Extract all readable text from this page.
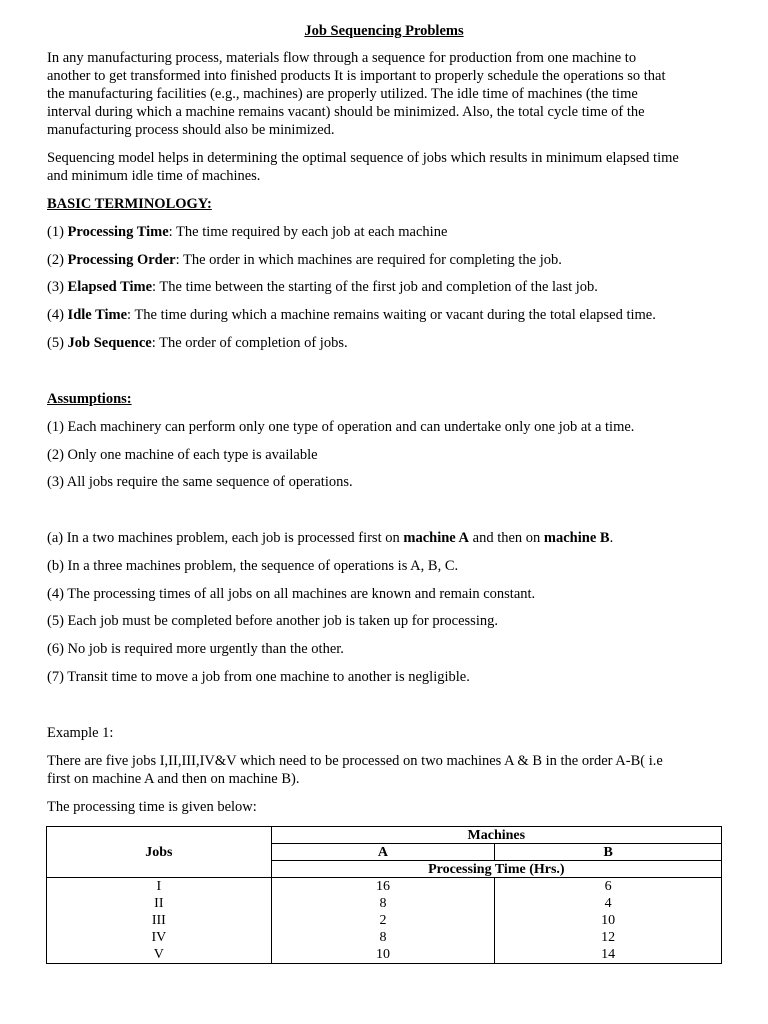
Job Sequencing Problems
In any manufacturing process, materials flow through a sequence for production from one machine to
another to get transformed into finished products It is important to properly schedule the operations so that
the manufacturing facilities (e.g., machines) are properly utilized. The idle time of machines (the time
interval during which a machine remains vacant) should be minimized. Also, the total cycle time of the
manufacturing process should also be minimized.
Sequencing model helps in determining the optimal sequence of jobs which results in minimum elapsed time
and minimum idle time of machines.
BASIC TERMINOLOGY:
(1) Processing Time: The time required by each job at each machine
(2) Processing Order: The order in which machines are required for completing the job.
(3) Elapsed Time: The time between the starting of the first job and completion of the last job.
(4) Idle Time: The time during which a machine remains waiting or vacant during the total elapsed time.
(5) Job Sequence: The order of completion of jobs.
Assumptions:
(1) Each machinery can perform only one type of operation and can undertake only one job at a time.
(2) Only one machine of each type is available
(3) All jobs require the same sequence of operations.
(a) In a two machines problem, each job is processed first on machine A and then on machine B.
(b) In a three machines problem, the sequence of operations is A, B, C.
(4) The processing times of all jobs on all machines are known and remain constant.
(5) Each job must be completed before another job is taken up for processing.
(6) No job is required more urgently than the other.
(7) Transit time to move a job from one machine to another is negligible.
Example 1:
There are five jobs I,II,III,IV&V which need to be processed on two machines A & B in the order A-B( i.e
first on machine A and then on machine B).
The processing time is given below:
Jobs	Machines	
	A	B
	Processing Time (Hrs.)	
I	16	6
II	8	4
III	2	10
IV	8	12
V	10	14
